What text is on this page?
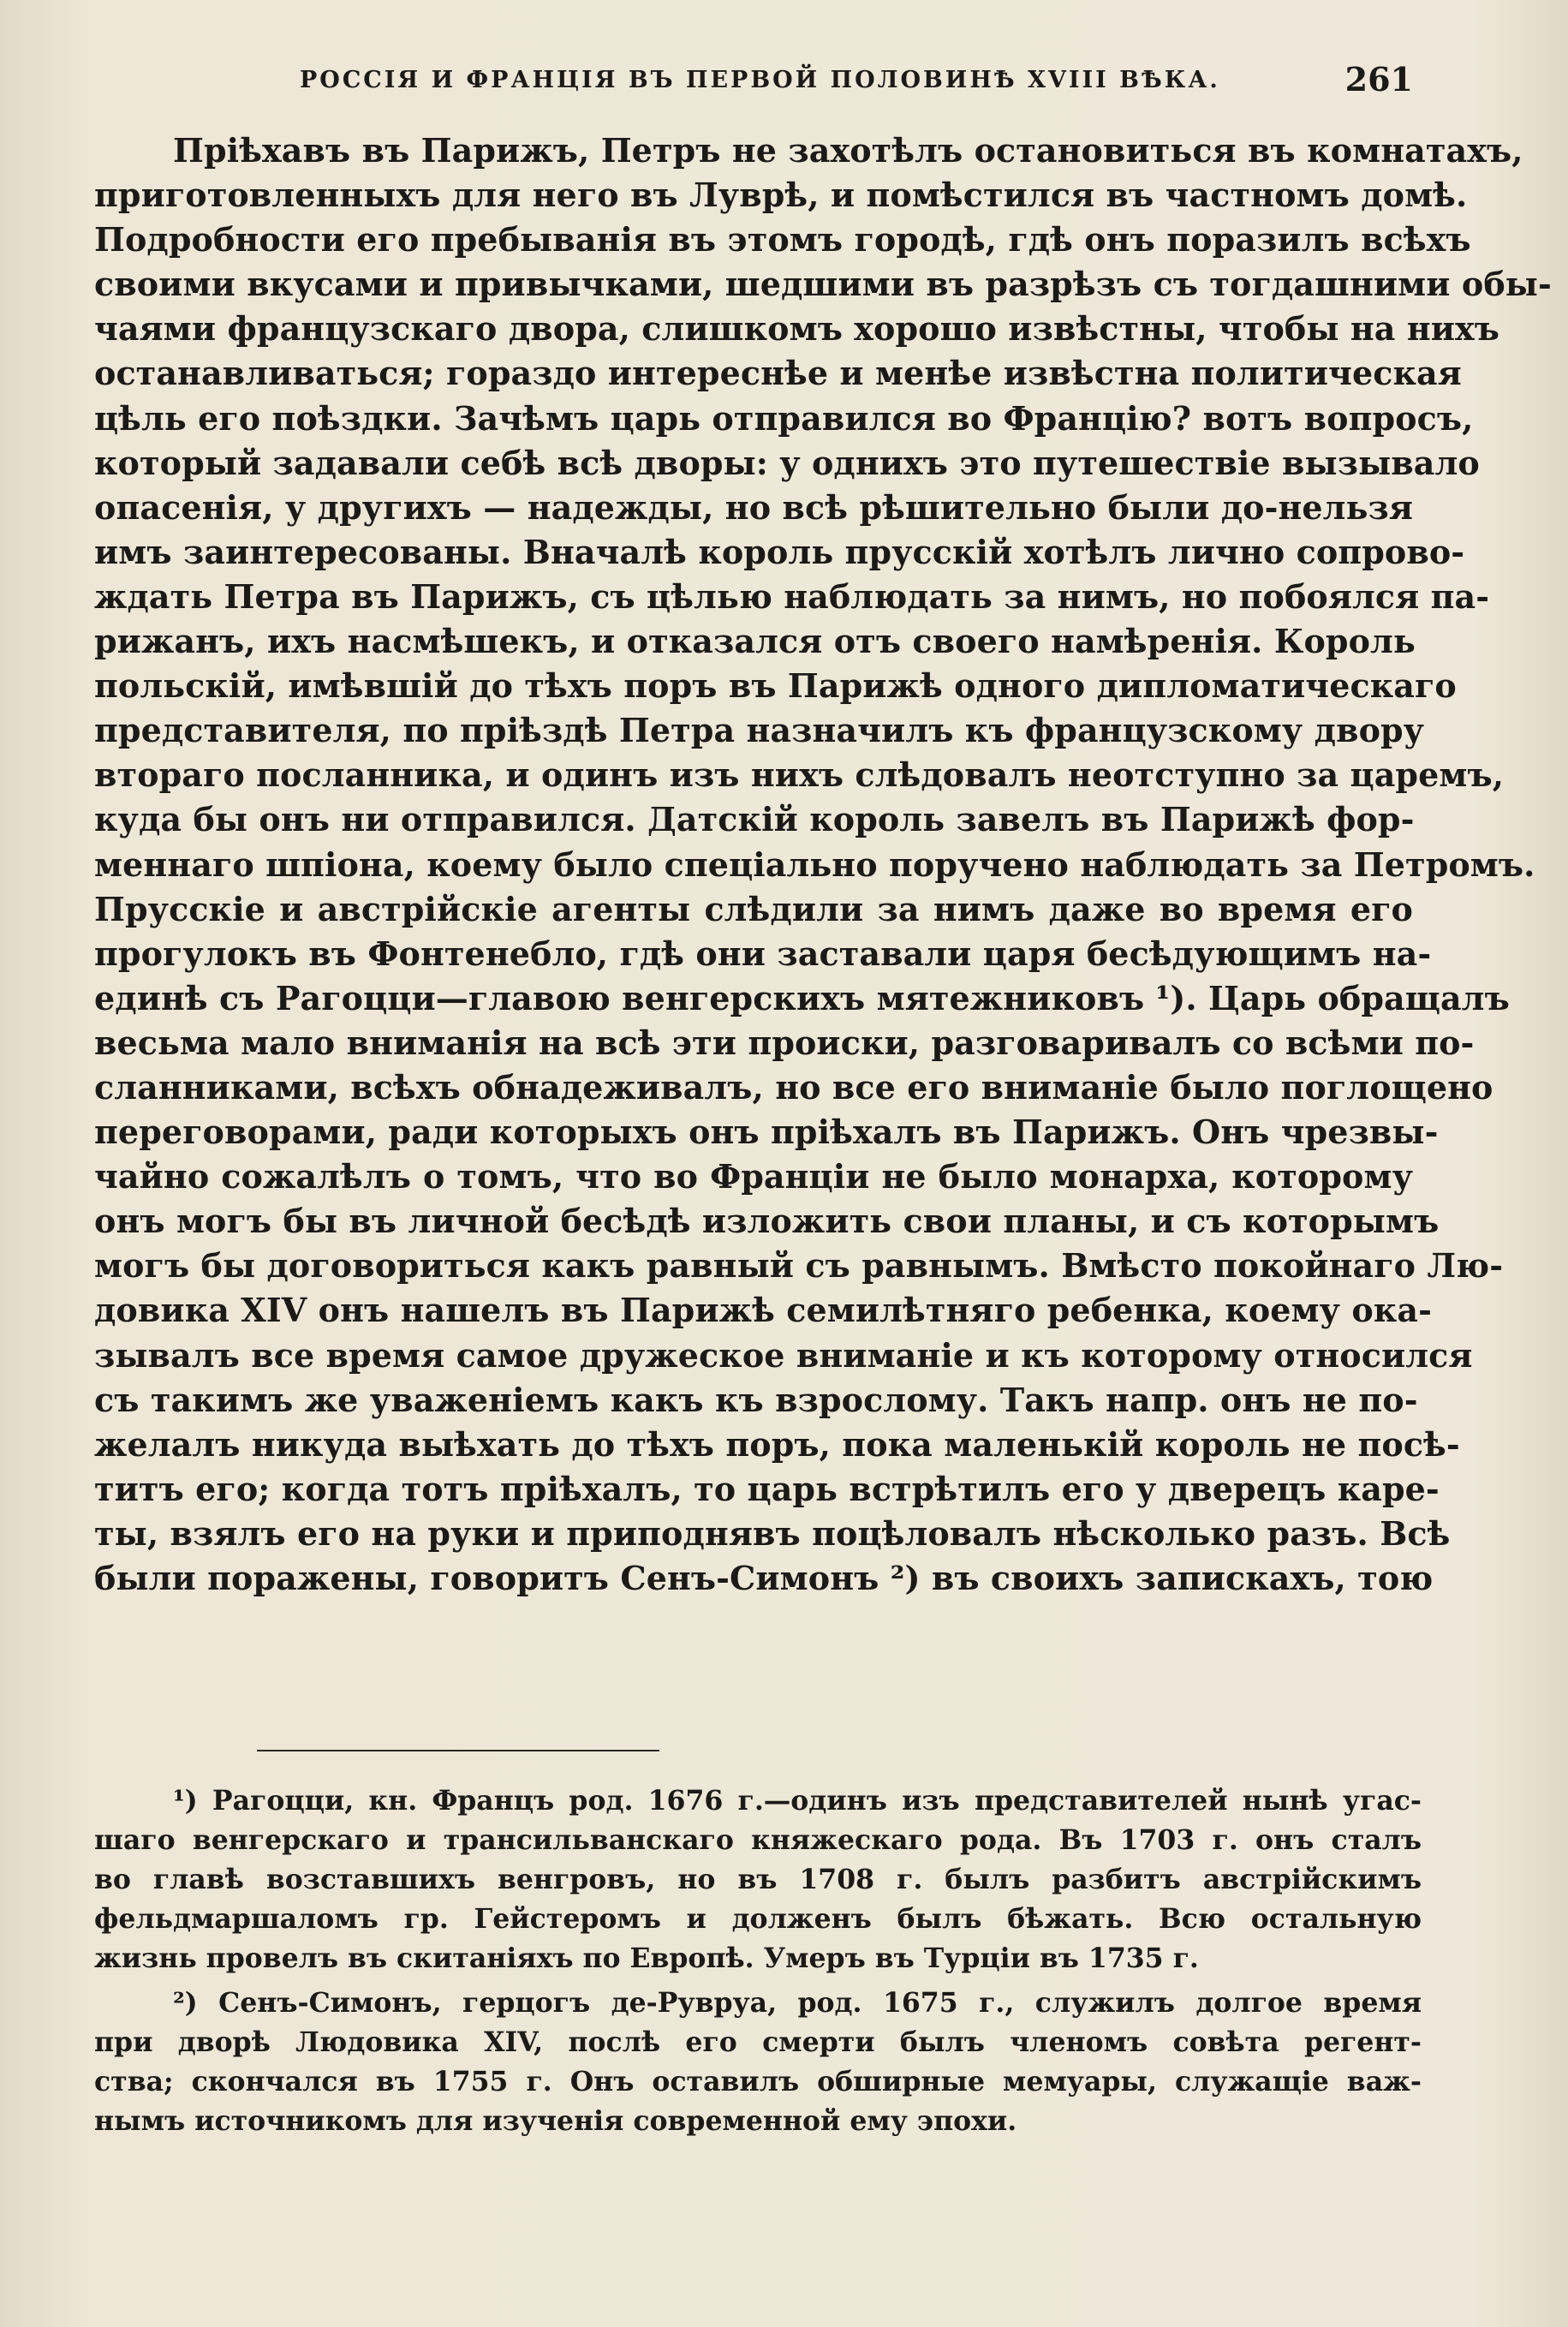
РОССІЯ И ФРАНЦІЯ ВЪ ПЕРВОЙ ПОЛОВИНѢ XVIII ВѢКА.	261
Пріѣхавъ въ Парижъ, Петръ не захотѣлъ остановиться въ комнатахъ,
приготовленныхъ для него въ Луврѣ, и помѣстился въ частномъ домѣ.
Подробности его пребыванія въ этомъ городѣ, гдѣ онъ поразилъ всѣхъ
своими вкусами и привычками, шедшими въ разрѣзъ съ тогдашними обы-
чаями французскаго двора, слишкомъ хорошо извѣстны, чтобы на нихъ
останавливаться; гораздо интереснѣе и менѣе извѣстна политическая
цѣль его поѣздки. Зачѣмъ царь отправился во Францію? вотъ вопросъ,
который задавали себѣ всѣ дворы: у однихъ это путешествіе вызывало
опасенія, у другихъ — надежды, но всѣ рѣшительно были до-нельзя
имъ заинтересованы. Вначалѣ король прусскій хотѣлъ лично сопрово-
ждать Петра въ Парижъ, съ цѣлью наблюдать за нимъ, но побоялся па-
рижанъ, ихъ насмѣшекъ, и отказался отъ своего намѣренія. Король
польскій, имѣвшій до тѣхъ поръ въ Парижѣ одного дипломатическаго
представителя, по пріѣздѣ Петра назначилъ къ французскому двору
втораго посланника, и одинъ изъ нихъ слѣдовалъ неотступно за царемъ,
куда бы онъ ни отправился. Датскій король завелъ въ Парижѣ фор-
меннаго шпіона, коему было спеціально поручено наблюдать за Петромъ.
Прусскіе и австрійскіе агенты слѣдили за нимъ даже во время его
прогулокъ въ Фонтенебло, гдѣ они заставали царя бесѣдующимъ на-
единѣ съ Рагоцци—главою венгерскихъ мятежниковъ ¹). Царь обращалъ
весьма мало вниманія на всѣ эти происки, разговаривалъ со всѣми по-
сланниками, всѣхъ обнадеживалъ, но все его вниманіе было поглощено
переговорами, ради которыхъ онъ пріѣхалъ въ Парижъ. Онъ чрезвы-
чайно сожалѣлъ о томъ, что во Франціи не было монарха, которому
онъ могъ бы въ личной бесѣдѣ изложить свои планы, и съ которымъ
могъ бы договориться какъ равный съ равнымъ. Вмѣсто покойнаго Лю-
довика XIV онъ нашелъ въ Парижѣ семилѣтняго ребенка, коему ока-
зывалъ все время самое дружеское вниманіе и къ которому относился
съ такимъ же уваженіемъ какъ къ взрослому. Такъ напр. онъ не по-
желалъ никуда выѣхать до тѣхъ поръ, пока маленькій король не посѣ-
титъ его; когда тотъ пріѣхалъ, то царь встрѣтилъ его у дверецъ каре-
ты, взялъ его на руки и приподнявъ поцѣловалъ нѣсколько разъ. Всѣ
были поражены, говоритъ Сенъ-Симонъ ²) въ своихъ запискахъ, тою
¹) Рагоцци, кн. Францъ род. 1676 г.—одинъ изъ представителей нынѣ угас-
шаго венгерскаго и трансильванскаго княжескаго рода. Въ 1703 г. онъ сталъ
во главѣ возставшихъ венгровъ, но въ 1708 г. былъ разбитъ австрійскимъ
фельдмаршаломъ гр. Гейстеромъ и долженъ былъ бѣжать. Всю остальную
жизнь провелъ въ скитаніяхъ по Европѣ. Умеръ въ Турціи въ 1735 г.
²) Сенъ-Симонъ, герцогъ де-Рувруа, род. 1675 г., служилъ долгое время
при дворѣ Людовика XIV, послѣ его смерти былъ членомъ совѣта регент-
ства; скончался въ 1755 г. Онъ оставилъ обширные мемуары, служащіе важ-
нымъ источникомъ для изученія современной ему эпохи.
